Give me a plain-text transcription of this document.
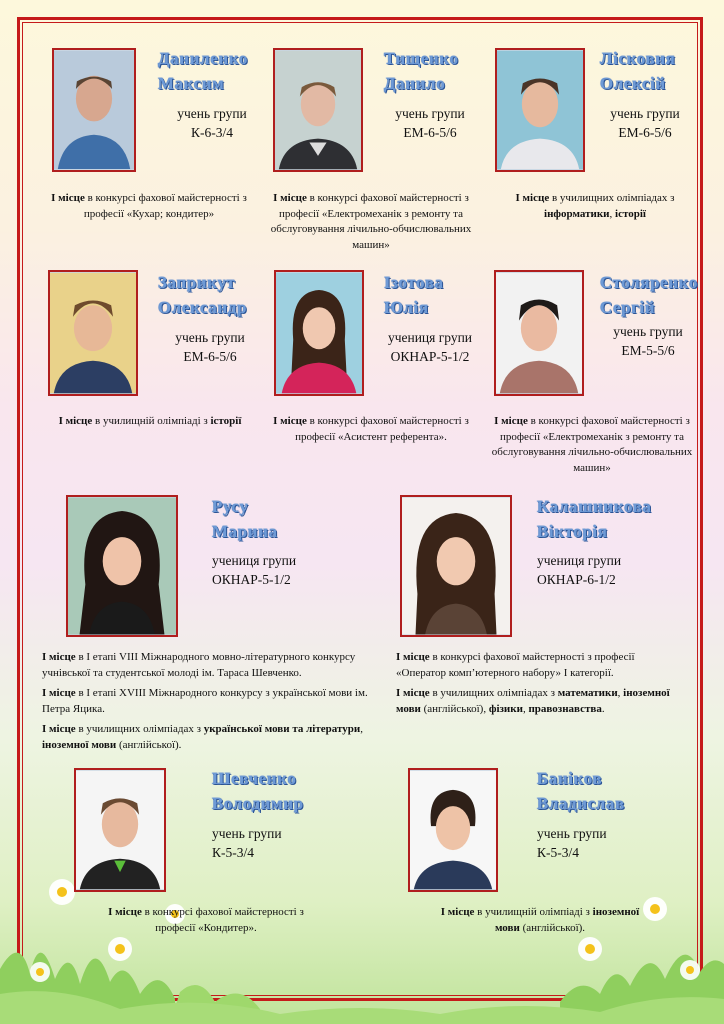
Даниленко
Максим
учень групи
К-6-3/4
І місце в конкурсі фахової майстерності з професії «Кухар; кондитер»
Тищенко
Данило
учень групи
ЕМ-6-5/6
І місце в конкурсі фахової майстерності з професії «Електромеханік з ремонту та обслуговування лічильно-обчислювальних машин»
Лісковия
Олексій
учень групи
ЕМ-6-5/6
І місце в училищних олімпіадах з інформатики, історії
Заприкут
Олександр
учень групи
ЕМ-6-5/6
І місце в училищній олімпіаді з історії
Ізотова
Юлія
учениця групи
ОКНАР-5-1/2
І місце в конкурсі фахової майстерності з професії «Асистент референта».
Столяренко
Сергій
учень групи
ЕМ-5-5/6
І місце в конкурсі фахової майстерності з професії «Електромеханік з ремонту та обслуговування лічильно-обчислювальних машин»
Русу
Марина
учениця групи
ОКНАР-5-1/2

І місце в І етапі VІІІ Міжнародного мовно-літературного конкурсу учнівської та студентської молоді ім. Тараса Шевченко.

І місце в І етапі XVІІІ Міжнародного конкурсу з української мови ім. Петра Яцика.

І місце в училищних олімпіадах з української мови та літератури, іноземної мови (англійської).

Калашникова
Вікторія
учениця групи
ОКНАР-6-1/2

І місце в конкурсі фахової майстерності з професії «Оператор комп’ютерного набору» І категорії.

І місце в училищних олімпіадах з математики, іноземної мови (англійської), фізики, правознавства.

Шевченко
Володимир
учень групи
К-5-3/4
І місце в конкурсі фахової майстерності з професії «Кондитер».
Баніков
Владислав
учень групи
К-5-3/4
І місце в училищній олімпіаді з іноземної мови (англійської).
